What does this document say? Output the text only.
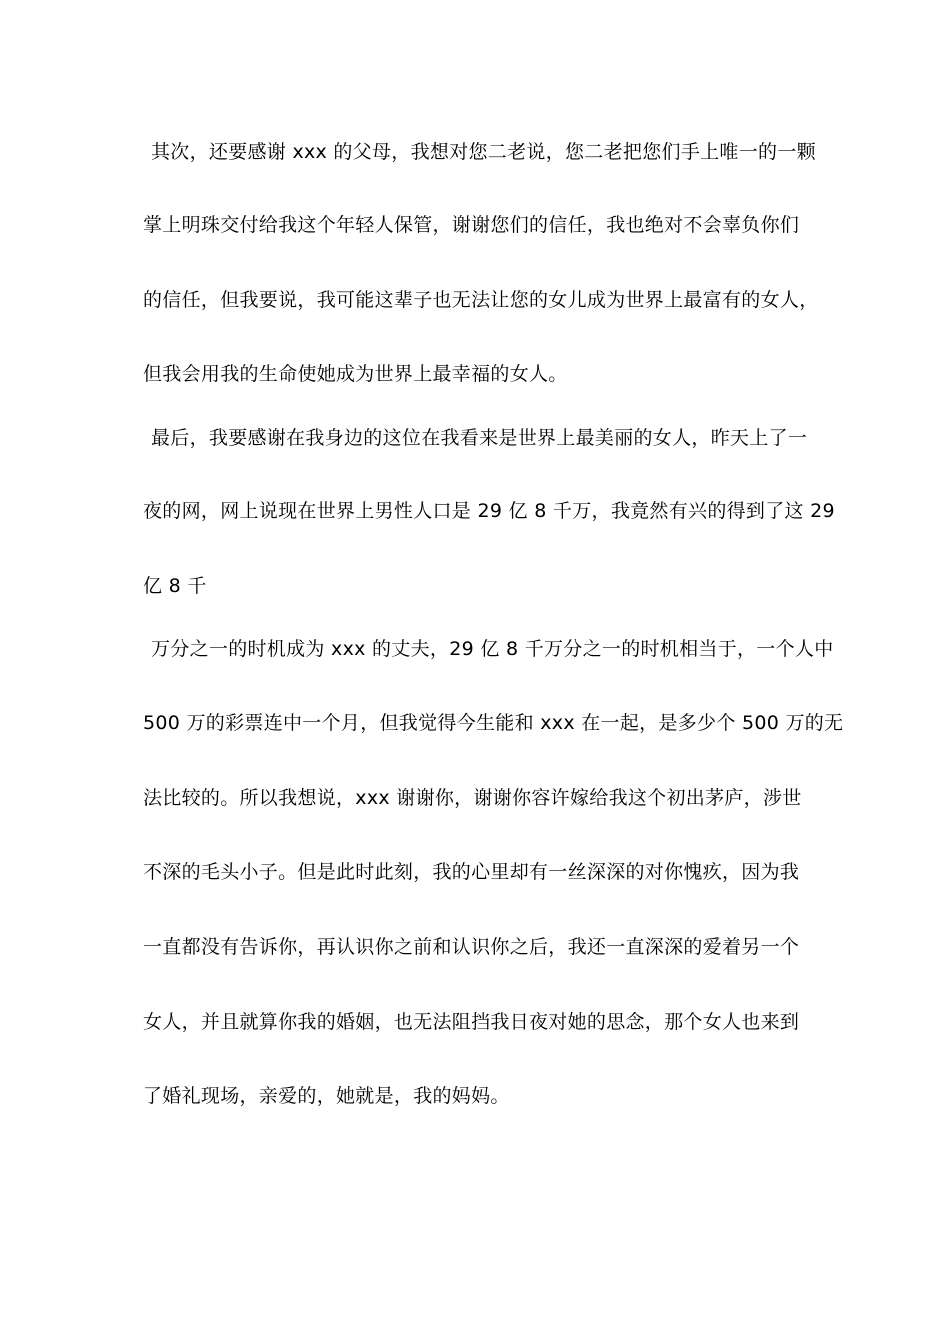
其次，还要感谢 xxx 的父母，我想对您二老说，您二老把您们手上唯一的一颗
掌上明珠交付给我这个年轻人保管，谢谢您们的信任，我也绝对不会辜负你们
的信任，但我要说，我可能这辈子也无法让您的女儿成为世界上最富有的女人，
但我会用我的生命使她成为世界上最幸福的女人。
最后，我要感谢在我身边的这位在我看来是世界上最美丽的女人，昨天上了一
夜的网，网上说现在世界上男性人口是 29 亿 8 千万，我竟然有兴的得到了这 29
亿 8 千
万分之一的时机成为 xxx 的丈夫，29 亿 8 千万分之一的时机相当于，一个人中
500 万的彩票连中一个月，但我觉得今生能和 xxx 在一起，是多少个 500 万的无
法比较的。所以我想说，xxx 谢谢你，谢谢你容许嫁给我这个初出茅庐，涉世
不深的毛头小子。但是此时此刻，我的心里却有一丝深深的对你愧疚，因为我
一直都没有告诉你，再认识你之前和认识你之后，我还一直深深的爱着另一个
女人，并且就算你我的婚姻，也无法阻挡我日夜对她的思念，那个女人也来到
了婚礼现场，亲爱的，她就是，我的妈妈。
